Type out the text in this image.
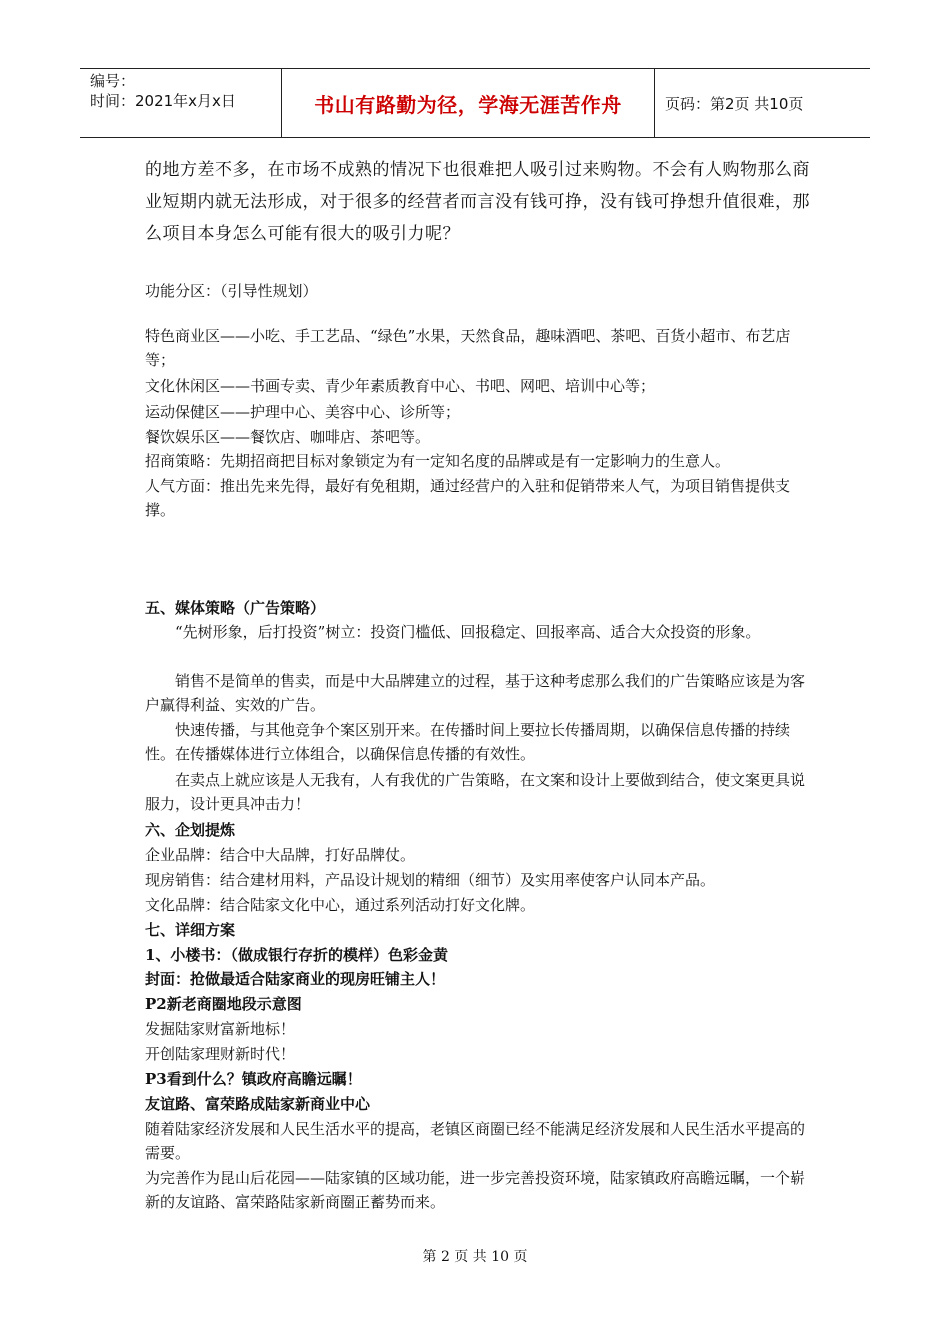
编号：
时间：2021年x月x日	书山有路勤为径，学海无涯苦作舟	页码：第2页 共10页

的地方差不多，在市场不成熟的情况下也很难把人吸引过来购物。不会有人购物那么商业短期内就无法形成，对于很多的经营者而言没有钱可挣，没有钱可挣想升值很难，那么项目本身怎么可能有很大的吸引力呢？

功能分区：（引导性规划）

特色商业区——小吃、手工艺品、“绿色”水果，天然食品，趣味酒吧、茶吧、百货小超市、布艺店等；

文化休闲区——书画专卖、青少年素质教育中心、书吧、网吧、培训中心等；

运动保健区——护理中心、美容中心、诊所等；

餐饮娱乐区——餐饮店、咖啡店、茶吧等。

招商策略：先期招商把目标对象锁定为有一定知名度的品牌或是有一定影响力的生意人。

人气方面：推出先来先得，最好有免租期，通过经营户的入驻和促销带来人气，为项目销售提供支撑。

五、媒体策略（广告策略）

“先树形象，后打投资”树立：投资门槛低、回报稳定、回报率高、适合大众投资的形象。

销售不是简单的售卖，而是中大品牌建立的过程，基于这种考虑那么我们的广告策略应该是为客户赢得利益、实效的广告。

快速传播，与其他竞争个案区别开来。在传播时间上要拉长传播周期，以确保信息传播的持续性。在传播媒体进行立体组合，以确保信息传播的有效性。

在卖点上就应该是人无我有，人有我优的广告策略，在文案和设计上要做到结合，使文案更具说服力，设计更具冲击力！

六、企划提炼

企业品牌：结合中大品牌，打好品牌仗。

现房销售：结合建材用料，产品设计规划的精细（细节）及实用率使客户认同本产品。

文化品牌：结合陆家文化中心，通过系列活动打好文化牌。

七、详细方案

1、小楼书：（做成银行存折的模样）色彩金黄

封面：抢做最适合陆家商业的现房旺铺主人！

P2新老商圈地段示意图

发掘陆家财富新地标！

开创陆家理财新时代！

P3看到什么？镇政府高瞻远瞩！

友谊路、富荣路成陆家新商业中心

随着陆家经济发展和人民生活水平的提高，老镇区商圈已经不能满足经济发展和人民生活水平提高的需要。

为完善作为昆山后花园——陆家镇的区域功能，进一步完善投资环境，陆家镇政府高瞻远瞩，一个崭新的友谊路、富荣路陆家新商圈正蓄势而来。

第 2 页 共 10 页
